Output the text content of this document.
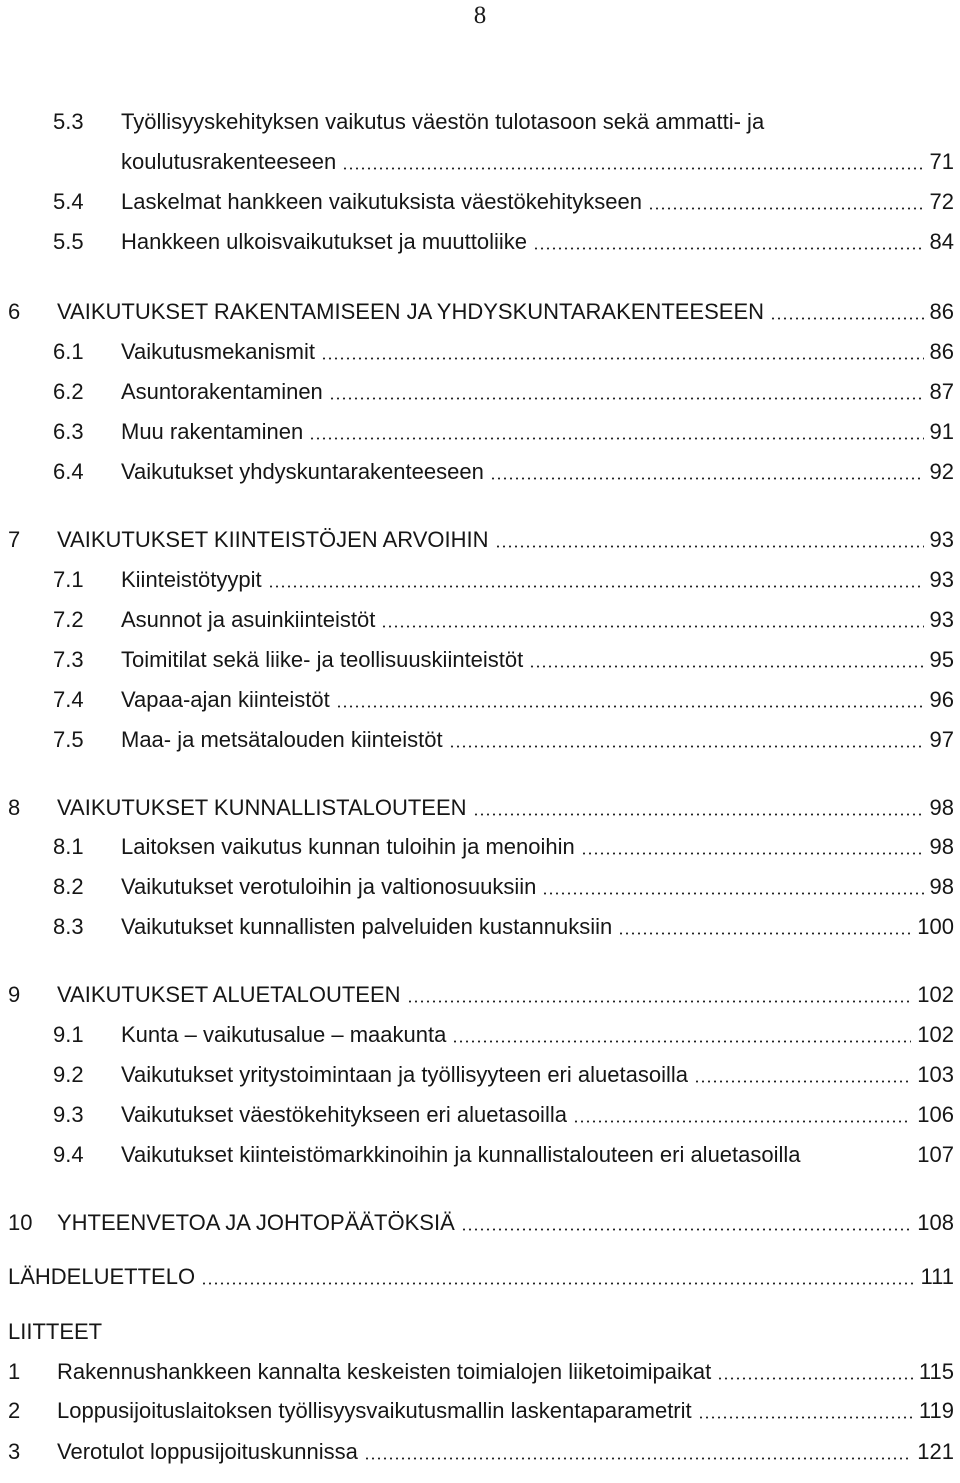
8
5.3 Työllisyyskehityksen vaikutus väestön tulotasoon sekä ammatti- ja
koulutusrakenteeseen	71
5.4 Laskelmat hankkeen vaikutuksista väestökehitykseen	72
5.5 Hankkeen ulkoisvaikutukset ja muuttoliike	84
6 VAIKUTUKSET RAKENTAMISEEN JA YHDYSKUNTARAKENTEESEEN	86
6.1 Vaikutusmekanismit	86
6.2 Asuntorakentaminen	87
6.3 Muu rakentaminen	91
6.4 Vaikutukset yhdyskuntarakenteeseen	92
7 VAIKUTUKSET KIINTEISTÖJEN ARVOIHIN	93
7.1 Kiinteistötyypit	93
7.2 Asunnot ja asuinkiinteistöt	93
7.3 Toimitilat sekä liike- ja teollisuuskiinteistöt	95
7.4 Vapaa-ajan kiinteistöt	96
7.5 Maa- ja metsätalouden kiinteistöt	97
8 VAIKUTUKSET KUNNALLISTALOUTEEN	98
8.1 Laitoksen vaikutus kunnan tuloihin ja menoihin	98
8.2 Vaikutukset verotuloihin ja valtionosuuksiin	98
8.3 Vaikutukset kunnallisten palveluiden kustannuksiin	100
9 VAIKUTUKSET ALUETALOUTEEN	102
9.1 Kunta – vaikutusalue – maakunta	102
9.2 Vaikutukset yritystoimintaan ja työllisyyteen eri aluetasoilla	103
9.3 Vaikutukset väestökehitykseen eri aluetasoilla	106
9.4 Vaikutukset kiinteistömarkkinoihin ja kunnallistalouteen eri aluetasoilla	107
10 YHTEENVETOA JA JOHTOPÄÄTÖKSIÄ	108
LÄHDELUETTELO	111
LIITTEET
1 Rakennushankkeen kannalta keskeisten toimialojen liiketoimipaikat	115
2 Loppusijoituslaitoksen työllisyysvaikutusmallin laskentaparametrit	119
3 Verotulot loppusijoituskunnissa	121
